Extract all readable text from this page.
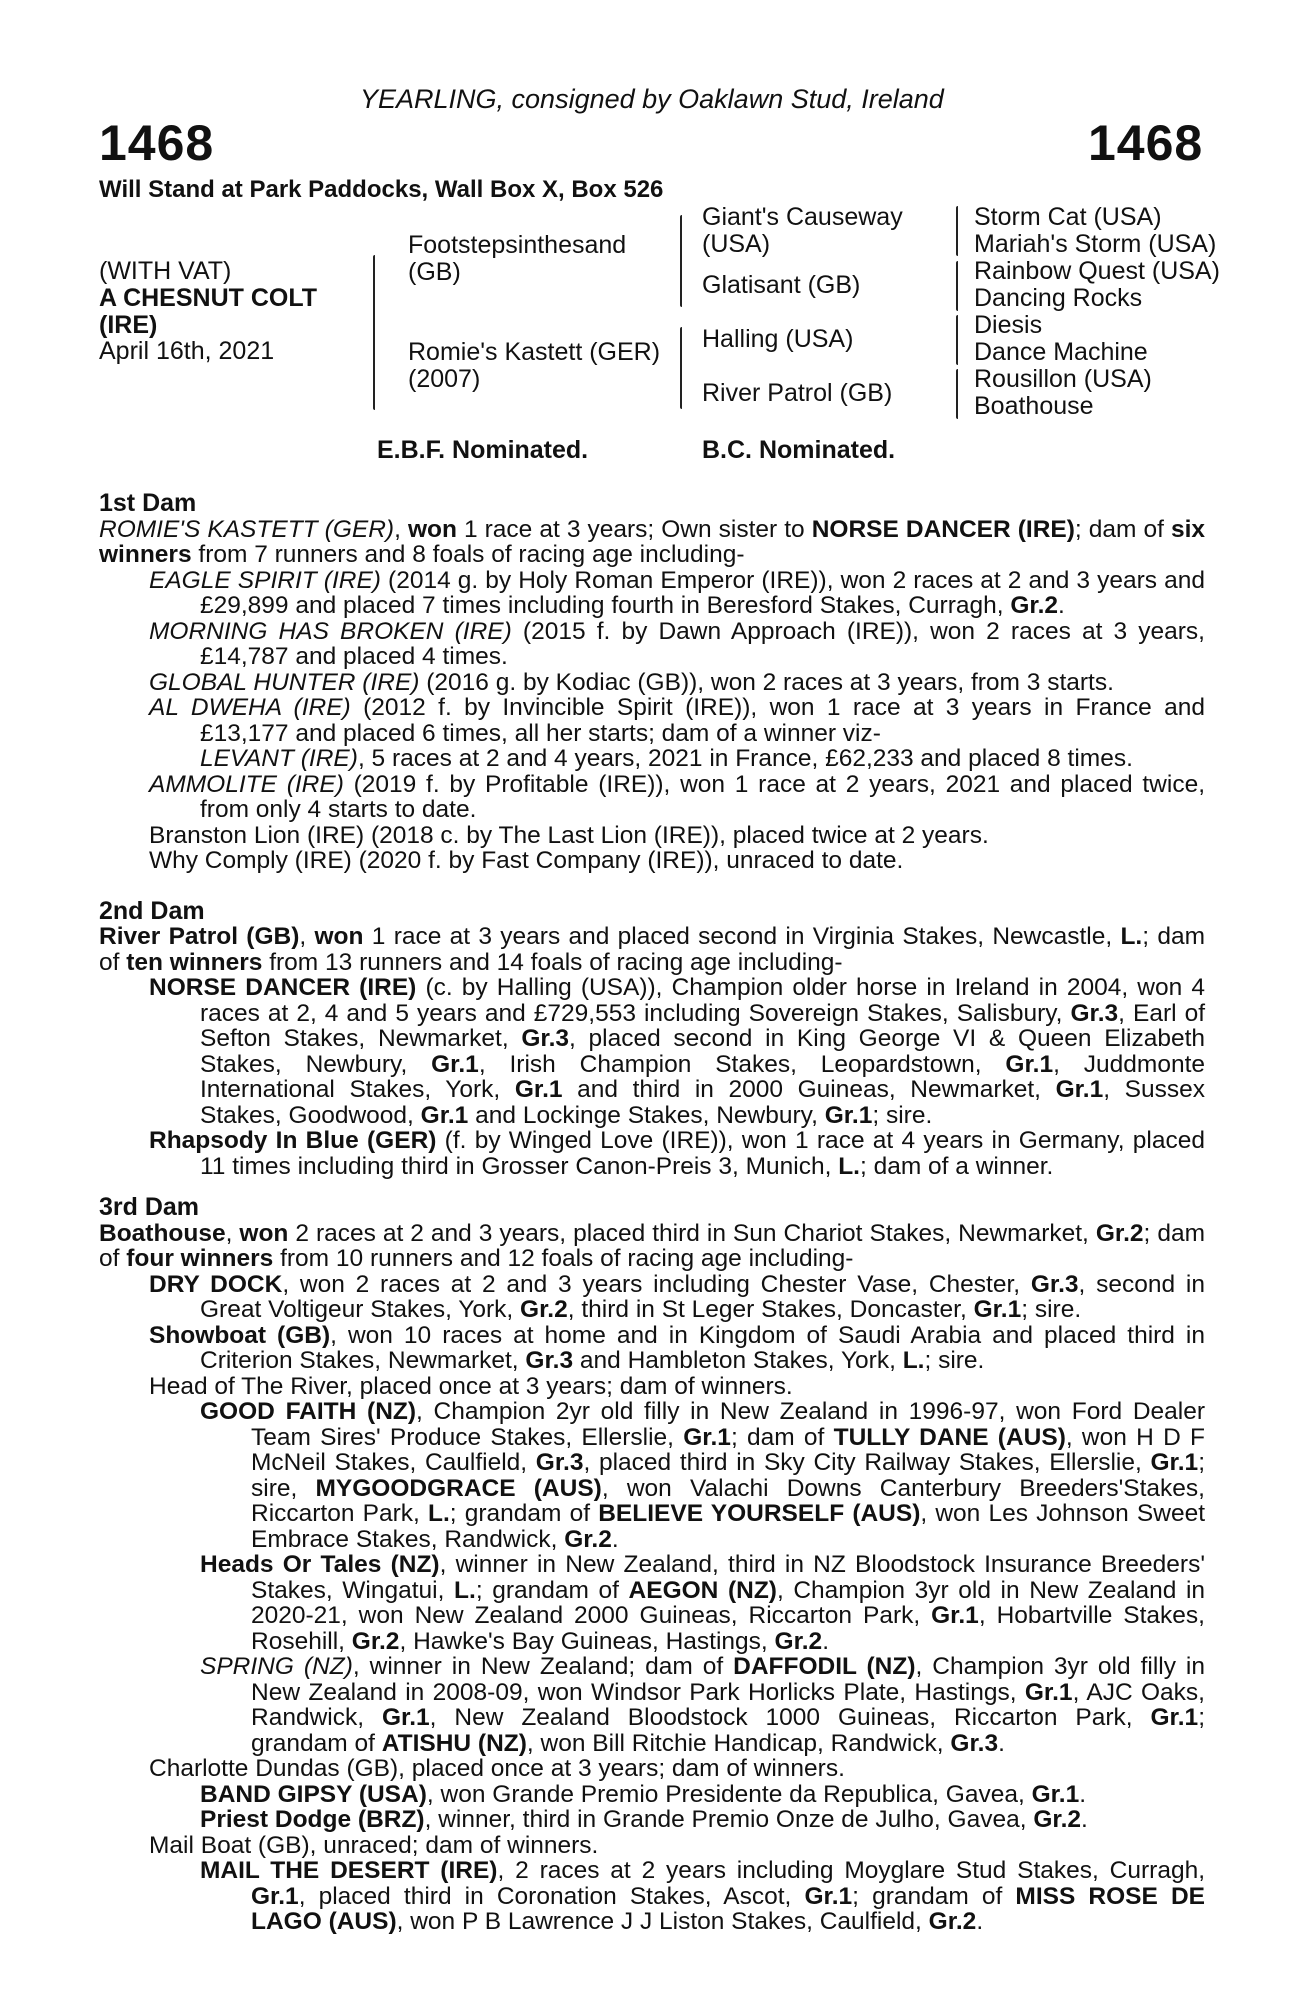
YEARLING, consigned by Oaklawn Stud, Ireland
1468	1468
Will Stand at Park Paddocks, Wall Box X, Box 526
(WITH VAT)
A CHESNUT COLT
(IRE)
April 16th, 2021
Footstepsinthesand
(GB)
Romie's Kastett (GER)
(2007)
Giant's Causeway
(USA)
Glatisant (GB)
Halling (USA)
River Patrol (GB)
Storm Cat (USA)
Mariah's Storm (USA)
Rainbow Quest (USA)
Dancing Rocks
Diesis
Dance Machine
Rousillon (USA)
Boathouse
E.B.F. Nominated.	B.C. Nominated.
1st Dam
ROMIE'S KASTETT (GER), won 1 race at 3 years; Own sister to NORSE DANCER (IRE); dam of six winners from 7 runners and 8 foals of racing age including-
EAGLE SPIRIT (IRE) (2014 g. by Holy Roman Emperor (IRE)), won 2 races at 2 and 3 years and £29,899 and placed 7 times including fourth in Beresford Stakes, Curragh, Gr.2.
MORNING HAS BROKEN (IRE) (2015 f. by Dawn Approach (IRE)), won 2 races at 3 years, £14,787 and placed 4 times.
GLOBAL HUNTER (IRE) (2016 g. by Kodiac (GB)), won 2 races at 3 years, from 3 starts.
AL DWEHA (IRE) (2012 f. by Invincible Spirit (IRE)), won 1 race at 3 years in France and £13,177 and placed 6 times, all her starts; dam of a winner viz-
LEVANT (IRE), 5 races at 2 and 4 years, 2021 in France, £62,233 and placed 8 times.
AMMOLITE (IRE) (2019 f. by Profitable (IRE)), won 1 race at 2 years, 2021 and placed twice, from only 4 starts to date.
Branston Lion (IRE) (2018 c. by The Last Lion (IRE)), placed twice at 2 years.
Why Comply (IRE) (2020 f. by Fast Company (IRE)), unraced to date.
2nd Dam
River Patrol (GB), won 1 race at 3 years and placed second in Virginia Stakes, Newcastle, L.; dam of ten winners from 13 runners and 14 foals of racing age including-
NORSE DANCER (IRE) (c. by Halling (USA)), Champion older horse in Ireland in 2004, won 4 races at 2, 4 and 5 years and £729,553 including Sovereign Stakes, Salisbury, Gr.3, Earl of Sefton Stakes, Newmarket, Gr.3, placed second in King George VI & Queen Elizabeth Stakes, Newbury, Gr.1, Irish Champion Stakes, Leopardstown, Gr.1, Juddmonte International Stakes, York, Gr.1 and third in 2000 Guineas, Newmarket, Gr.1, Sussex Stakes, Goodwood, Gr.1 and Lockinge Stakes, Newbury, Gr.1; sire.
Rhapsody In Blue (GER) (f. by Winged Love (IRE)), won 1 race at 4 years in Germany, placed 11 times including third in Grosser Canon-Preis 3, Munich, L.; dam of a winner.
3rd Dam
Boathouse, won 2 races at 2 and 3 years, placed third in Sun Chariot Stakes, Newmarket, Gr.2; dam of four winners from 10 runners and 12 foals of racing age including-
DRY DOCK, won 2 races at 2 and 3 years including Chester Vase, Chester, Gr.3, second in Great Voltigeur Stakes, York, Gr.2, third in St Leger Stakes, Doncaster, Gr.1; sire.
Showboat (GB), won 10 races at home and in Kingdom of Saudi Arabia and placed third in Criterion Stakes, Newmarket, Gr.3 and Hambleton Stakes, York, L.; sire.
Head of The River, placed once at 3 years; dam of winners.
GOOD FAITH (NZ), Champion 2yr old filly in New Zealand in 1996-97, won Ford Dealer Team Sires' Produce Stakes, Ellerslie, Gr.1; dam of TULLY DANE (AUS), won H D F McNeil Stakes, Caulfield, Gr.3, placed third in Sky City Railway Stakes, Ellerslie, Gr.1; sire, MYGOODGRACE (AUS), won Valachi Downs Canterbury Breeders'Stakes, Riccarton Park, L.; grandam of BELIEVE YOURSELF (AUS), won Les Johnson Sweet Embrace Stakes, Randwick, Gr.2.
Heads Or Tales (NZ), winner in New Zealand, third in NZ Bloodstock Insurance Breeders' Stakes, Wingatui, L.; grandam of AEGON (NZ), Champion 3yr old in New Zealand in 2020-21, won New Zealand 2000 Guineas, Riccarton Park, Gr.1, Hobartville Stakes, Rosehill, Gr.2, Hawke's Bay Guineas, Hastings, Gr.2.
SPRING (NZ), winner in New Zealand; dam of DAFFODIL (NZ), Champion 3yr old filly in New Zealand in 2008-09, won Windsor Park Horlicks Plate, Hastings, Gr.1, AJC Oaks, Randwick, Gr.1, New Zealand Bloodstock 1000 Guineas, Riccarton Park, Gr.1; grandam of ATISHU (NZ), won Bill Ritchie Handicap, Randwick, Gr.3.
Charlotte Dundas (GB), placed once at 3 years; dam of winners.
BAND GIPSY (USA), won Grande Premio Presidente da Republica, Gavea, Gr.1.
Priest Dodge (BRZ), winner, third in Grande Premio Onze de Julho, Gavea, Gr.2.
Mail Boat (GB), unraced; dam of winners.
MAIL THE DESERT (IRE), 2 races at 2 years including Moyglare Stud Stakes, Curragh, Gr.1, placed third in Coronation Stakes, Ascot, Gr.1; grandam of MISS ROSE DE LAGO (AUS), won P B Lawrence J J Liston Stakes, Caulfield, Gr.2.
